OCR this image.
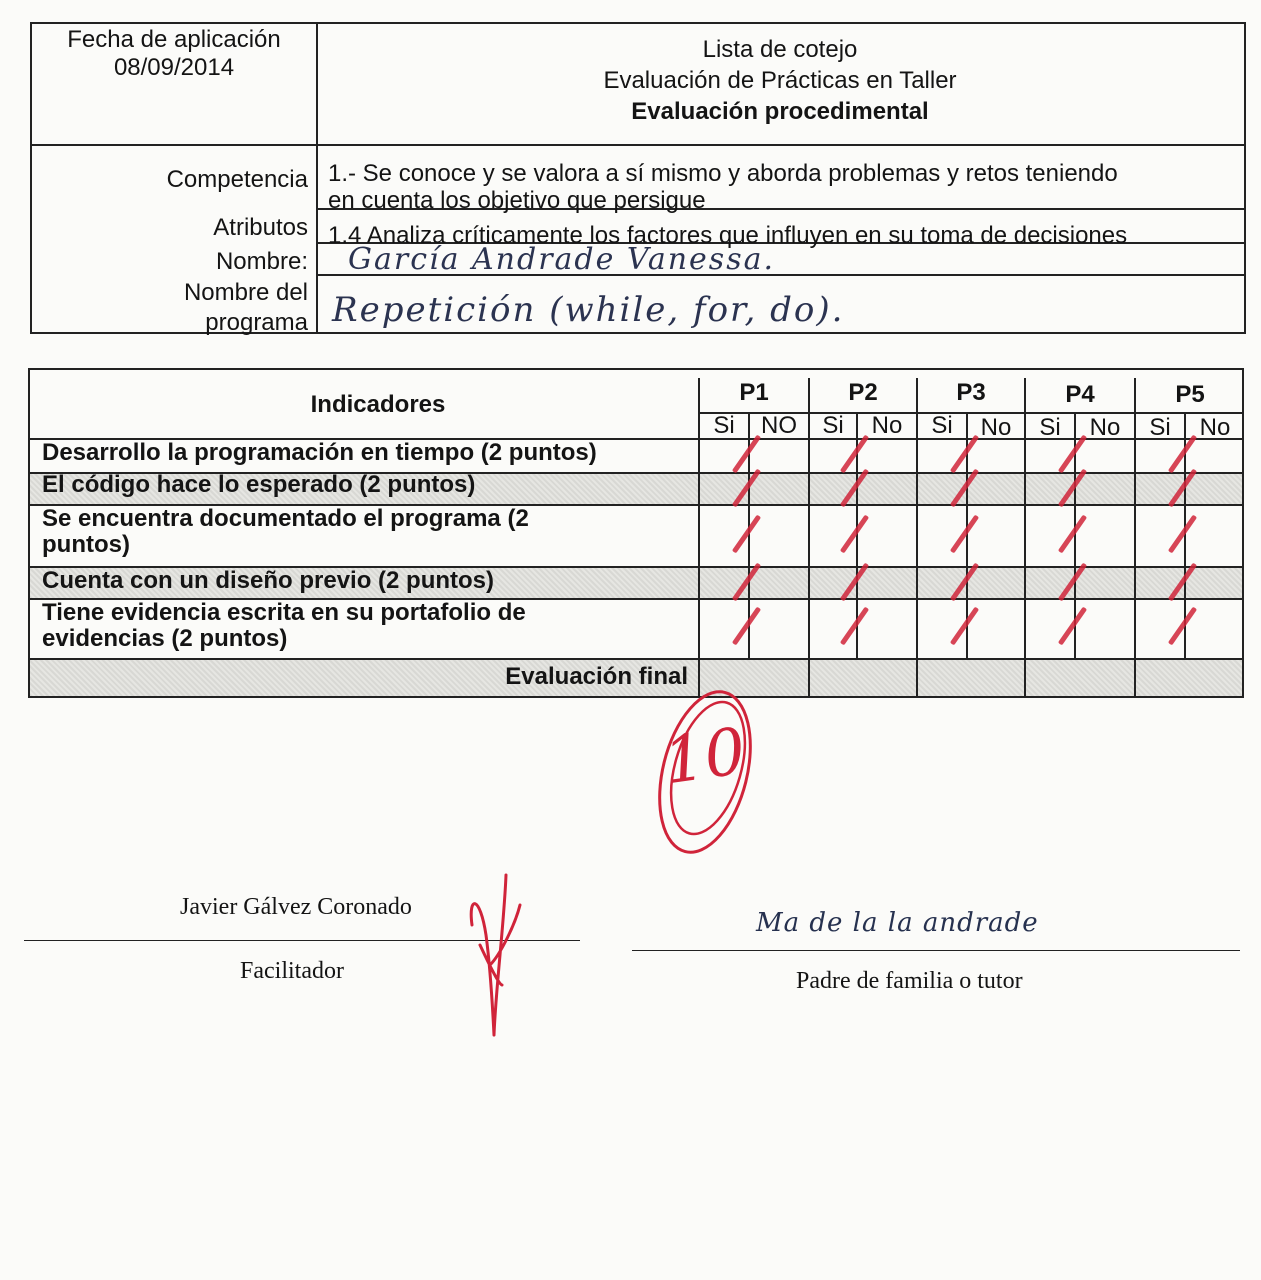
Fecha de aplicación
08/09/2014
Lista de cotejo
Evaluación de Prácticas en Taller
Evaluación procedimental
Competencia 1.- Se conoce y se valora a sí mismo y aborda problemas y retos teniendo
en cuenta los objetivo que persigue
Atributos 1.4 Analiza críticamente los factores que influyen en su toma de decisiones
Nombre: García Andrade Vanessa.
Nombre del
programa Repetición (while, for, do).
Indicadores	P1	P2	P3	P4	P5
Si	NO	Si	No	Si	No	Si	No	Si	No
Desarrollo la programación en tiempo (2 puntos)
El código hace lo esperado (2 puntos)
Se encuentra documentado el programa (2
puntos)
Cuenta con un diseño previo (2 puntos)
Tiene evidencia escrita en su portafolio de
evidencias (2 puntos)
Evaluación final
10
Javier Gálvez Coronado
Facilitador
Ma de la la andrade
Padre de familia o tutor
